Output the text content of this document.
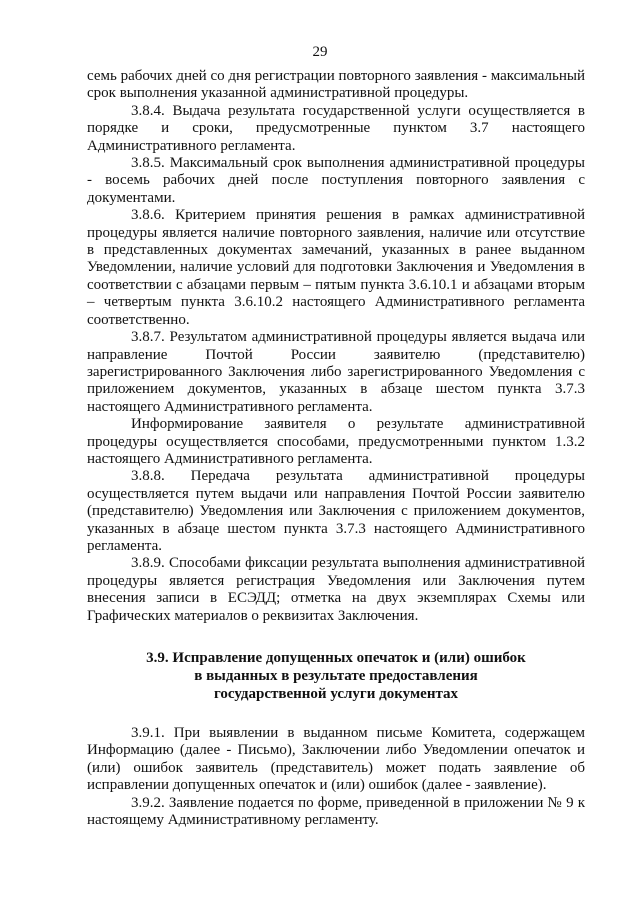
29

семь рабочих дней со дня регистрации повторного заявления - максимальный срок выполнения указанной административной процедуры.

3.8.4. Выдача результата государственной услуги осуществляется в порядке и сроки, предусмотренные пунктом 3.7 настоящего Административного регламента.

3.8.5. Максимальный срок выполнения административной процедуры - восемь рабочих дней после поступления повторного заявления с документами.

3.8.6. Критерием принятия решения в рамках административной процедуры является наличие повторного заявления, наличие или отсутствие в представленных документах замечаний, указанных в ранее выданном Уведомлении, наличие условий для подготовки Заключения и Уведомления в соответствии с абзацами первым – пятым пункта 3.6.10.1 и абзацами вторым – четвертым пункта 3.6.10.2 настоящего Административного регламента соответственно.

3.8.7. Результатом административной процедуры является выдача или направление Почтой России заявителю (представителю) зарегистрированного Заключения либо зарегистрированного Уведомления с приложением документов, указанных в абзаце шестом пункта 3.7.3 настоящего Административного регламента.

Информирование заявителя о результате административной процедуры осуществляется способами, предусмотренными пунктом 1.3.2 настоящего Административного регламента.

3.8.8. Передача результата административной процедуры осуществляется путем выдачи или направления Почтой России заявителю (представителю) Уведомления или Заключения с приложением документов, указанных в абзаце шестом пункта 3.7.3 настоящего Административного регламента.

3.8.9. Способами фиксации результата выполнения административной процедуры является регистрация Уведомления или Заключения путем внесения записи в ЕСЭДД; отметка на двух экземплярах Схемы или Графических материалов о реквизитах Заключения.

3.9. Исправление допущенных опечаток и (или) ошибок

в выданных в результате предоставления

государственной услуги документах

3.9.1. При выявлении в выданном письме Комитета, содержащем Информацию (далее - Письмо), Заключении либо Уведомлении опечаток и (или) ошибок заявитель (представитель) может подать заявление об исправлении допущенных опечаток и (или) ошибок (далее - заявление).

3.9.2. Заявление подается по форме, приведенной в приложении № 9 к настоящему Административному регламенту.
